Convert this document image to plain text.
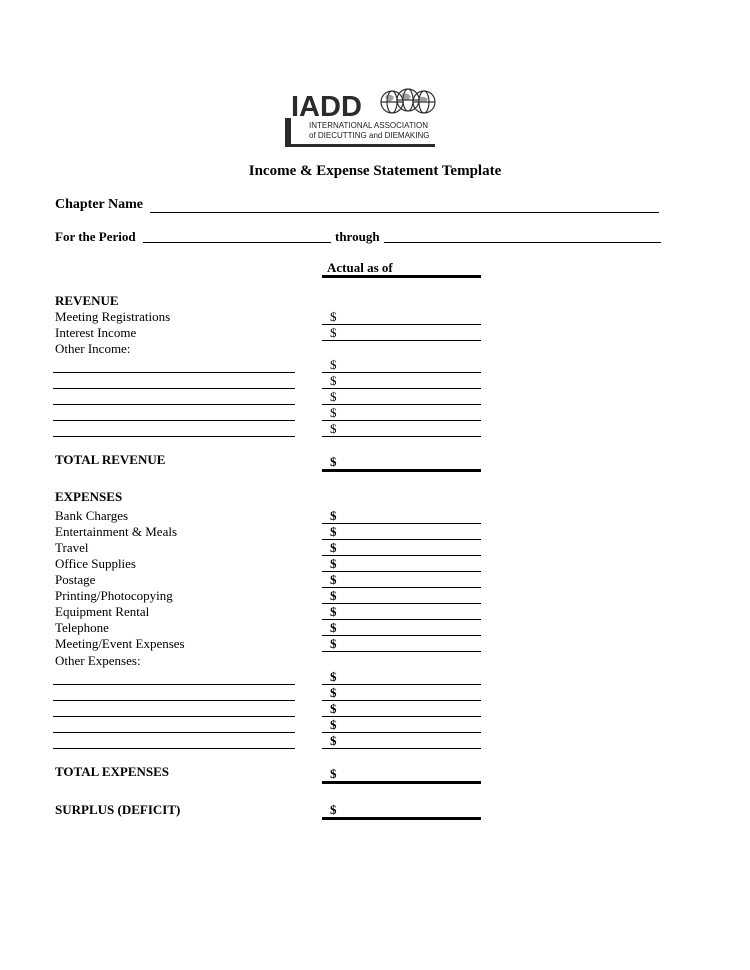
IADD
INTERNATIONAL ASSOCIATION
of DIECUTTING and DIEMAKING
Income & Expense Statement Template
Chapter Name
For the Period	through
Actual as of
REVENUE
Meeting Registrations	$
Interest Income	$
Other Income:
$
$
$
$
$
TOTAL REVENUE	$
EXPENSES
Bank Charges	$
Entertainment & Meals	$
Travel	$
Office Supplies	$
Postage	$
Printing/Photocopying	$
Equipment Rental	$
Telephone	$
Meeting/Event Expenses	$
Other Expenses:
$
$
$
$
$
TOTAL EXPENSES	$
SURPLUS (DEFICIT)	$
